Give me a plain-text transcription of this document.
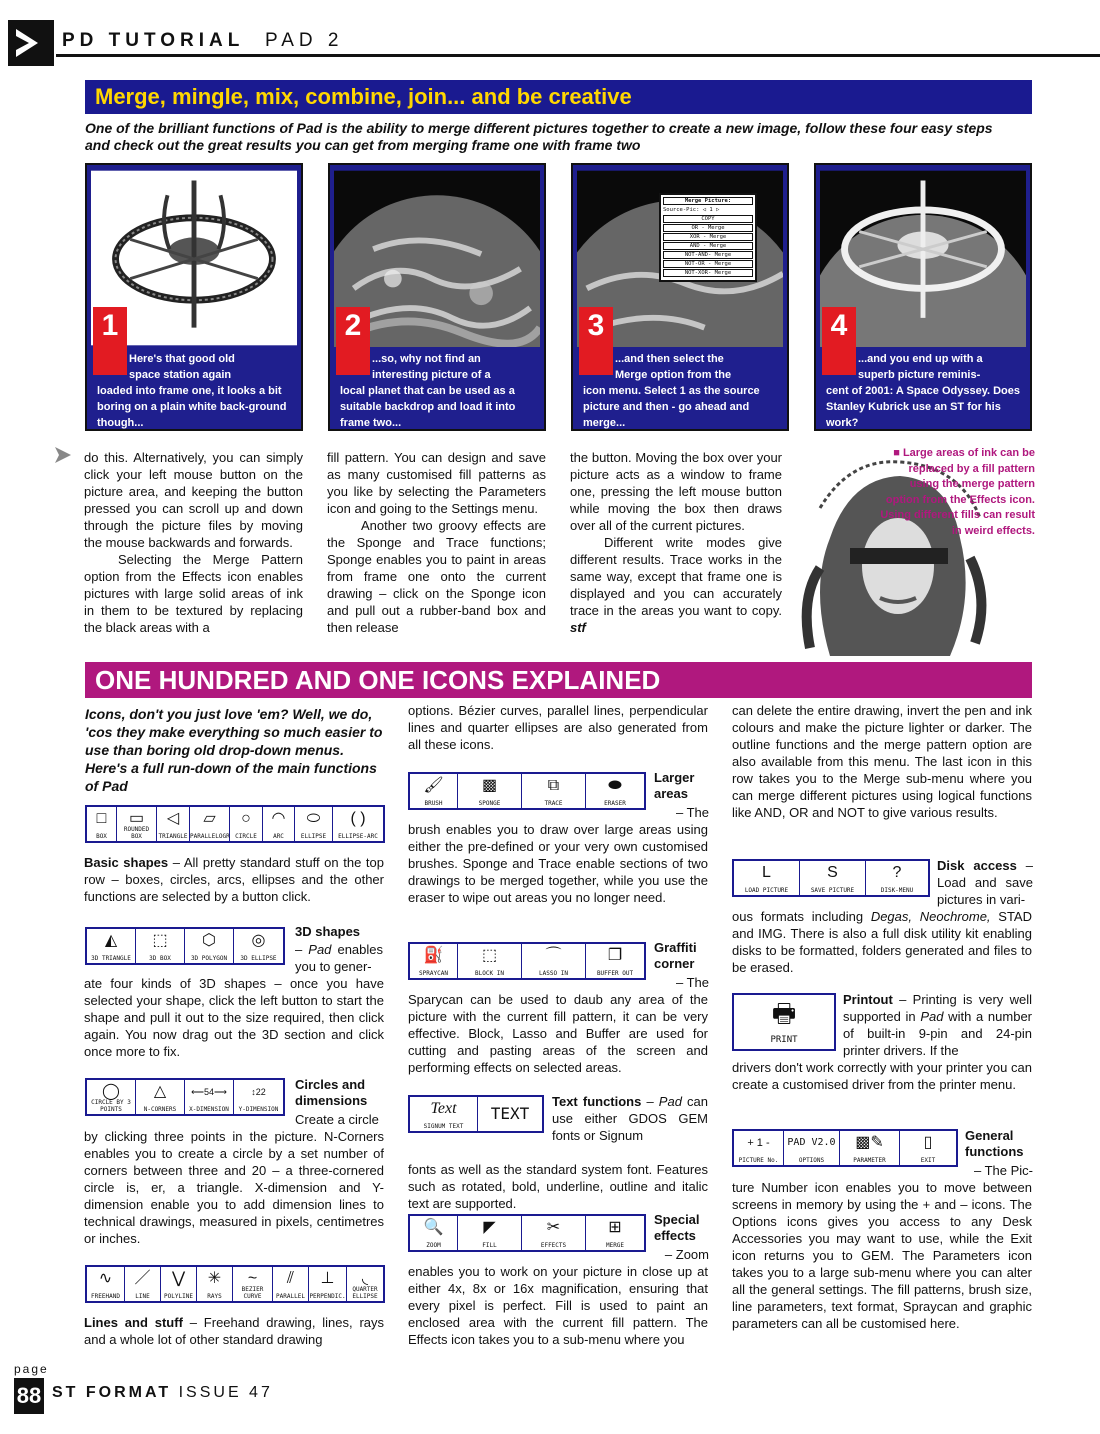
PD TUTORIAL PAD 2
Merge, mingle, mix, combine, join... and be creative
One of the brilliant functions of Pad is the ability to merge different pictures together to create a new image, follow these four easy steps and check out the great results you can get from merging frame one with frame two
1
Here's that good old
space station again
loaded into frame one, it looks a bit boring on a plain white back-ground though...
2
...so, why not find an
interesting picture of a
local planet that can be used as a suitable backdrop and load it into frame two...
Merge Picture:
Source-Pic: ◁ 1 ▷
COPY
OR - Merge
XOR - Merge
AND - Merge
NOT-AND- Merge
NOT-OR - Merge
NOT-XOR- Merge
3
...and then select the
Merge option from the
icon menu. Select 1 as the source picture and then - go ahead and merge...
4
...and you end up with a
superb picture reminis-
cent of 2001: A Space Odyssey. Does Stanley Kubrick use an ST for his work?

do this. Alternatively, you can simply click your left mouse button on the picture area, and keeping the button pressed you can scroll up and down through the picture files by moving the mouse backwards and forwards.

Selecting the Merge Pattern option from the Effects icon enables pictures with large solid areas of ink in them to be textured by replacing the black areas with a

fill pattern. You can design and save as many customised fill patterns as you like by selecting the Parameters icon and going to the Settings menu.

Another two groovy effects are the Sponge and Trace functions; Sponge enables you to paint in areas from frame one onto the current drawing – click on the Sponge icon and pull out a rubber-band box and then release

the button. Moving the box over your picture acts as a window to frame one, pressing the left mouse button while moving the box then draws over all of the current pictures.

Different write modes give different results. Trace works in the same way, except that frame one is displayed and you can accurately trace in the areas you want to copy. stf

■ Large areas of ink can be replaced by a fill pattern using the merge pattern option from the Effects icon. Using different fills can result in weird effects.
ONE HUNDRED AND ONE ICONS EXPLAINED
Icons, don't you just love 'em? Well, we do, 'cos they make everything so much easier to use than boring old drop-down menus. Here's a full run-down of the main functions of Pad
□
BOX
▭
ROUNDED BOX
◁
TRIANGLE
▱
PARALLELOGR
○
CIRCLE
◠
ARC
⬭
ELLIPSE
( )
ELLIPSE-ARC
Basic shapes – All pretty standard stuff on the top row – boxes, circles, arcs, ellipses and the other functions are selected by a button click.
◭
3D TRIANGLE
⬚
3D BOX
⬡
3D POLYGON
◎
3D ELLIPSE
3D shapes
– Pad enables you to gener-
ate four kinds of 3D shapes – once you have selected your shape, click the left button to start the shape and pull it out to the size required, then click again. You now drag out the 3D section and click once more to fix.
◯
CIRCLE BY 3 POINTS
△
N-CORNERS
⟵54⟶
X-DIMENSION
↕22
Y-DIMENSION
Circles and dimensions
Create a circle
by clicking three points in the picture. N-Corners enables you to create a circle by a set number of corners between three and 20 – a three-cornered circle is, er, a triangle. X-dimension and Y-dimension enable you to add dimension lines to technical drawings, measured in pixels, centimetres or inches.
∿
FREEHAND
／
LINE
⋁
POLYLINE
✳
RAYS
~
BEZIER CURVE
⫽
PARALLEL
⊥
PERPENDIC.
◟
QUARTER ELLIPSE
Lines and stuff – Freehand drawing, lines, rays and a whole lot of other standard drawing
options. Bézier curves, parallel lines, perpendicular lines and quarter ellipses are also generated from all these icons.
🖌
BRUSH
▩
SPONGE
⧉
TRACE
⬬
ERASER
Larger areas
– The
brush enables you to draw over large areas using either the pre-defined or your very own customised brushes. Sponge and Trace enable sections of two drawings to be merged together, while you use the eraser to wipe out areas you no longer need.
⛽
SPRAYCAN
⬚
BLOCK IN
⌒
LASSO IN
❐
BUFFER OUT
Graffiti corner
– The
Sparycan can be used to daub any area of the picture with the current fill pattern, it can be very effective. Block, Lasso and Buffer are used for cutting and pasting areas of the screen and performing effects on selected areas.
Text
SIGNUM TEXT
TEXT
Text functions – Pad can use either GDOS GEM fonts or Signum
fonts as well as the standard system font. Features such as rotated, bold, underline, outline and italic text are supported.
🔍
ZOOM
◤
FILL
✂
EFFECTS
⊞
MERGE
Special effects
– Zoom
enables you to work on your picture in close up at either 4x, 8x or 16x magnification, ensuring that every pixel is perfect. Fill is used to paint an enclosed area with the current fill pattern. The Effects icon takes you to a sub-menu where you
can delete the entire drawing, invert the pen and ink colours and make the picture lighter or darker. The outline functions and the merge pattern option are also available from this menu. The last icon in this row takes you to the Merge sub-menu where you can merge different pictures using logical functions like AND, OR and NOT to give various results.
L
LOAD PICTURE
S
SAVE PICTURE
?
DISK-MENU
Disk access – Load and save pictures in vari-
ous formats including Degas, Neochrome, STAD and IMG. There is also a full disk utility kit enabling disks to be formatted, folders generated and files to be erased.
🖶
PRINT
Printout – Printing is very well supported in Pad with a number of built-in 9-pin and 24-pin printer drivers. If the
drivers don't work correctly with your printer you can create a customised driver from the printer menu.
+ 1 -
PICTURE No.
PAD V2.0
OPTIONS
▩✎
PARAMETER
▯
EXIT
General functions
– The Pic-
ture Number icon enables you to move between screens in memory by using the + and – icons. The Options icons gives you access to any Desk Accessories you may want to use, while the Exit icon returns you to GEM. The Parameters icon takes you to a large sub-menu where you can alter all the general settings. The fill patterns, brush size, line parameters, text format, Spraycan and graphic parameters can all be customised here.
page
88 ST FORMAT ISSUE 47
